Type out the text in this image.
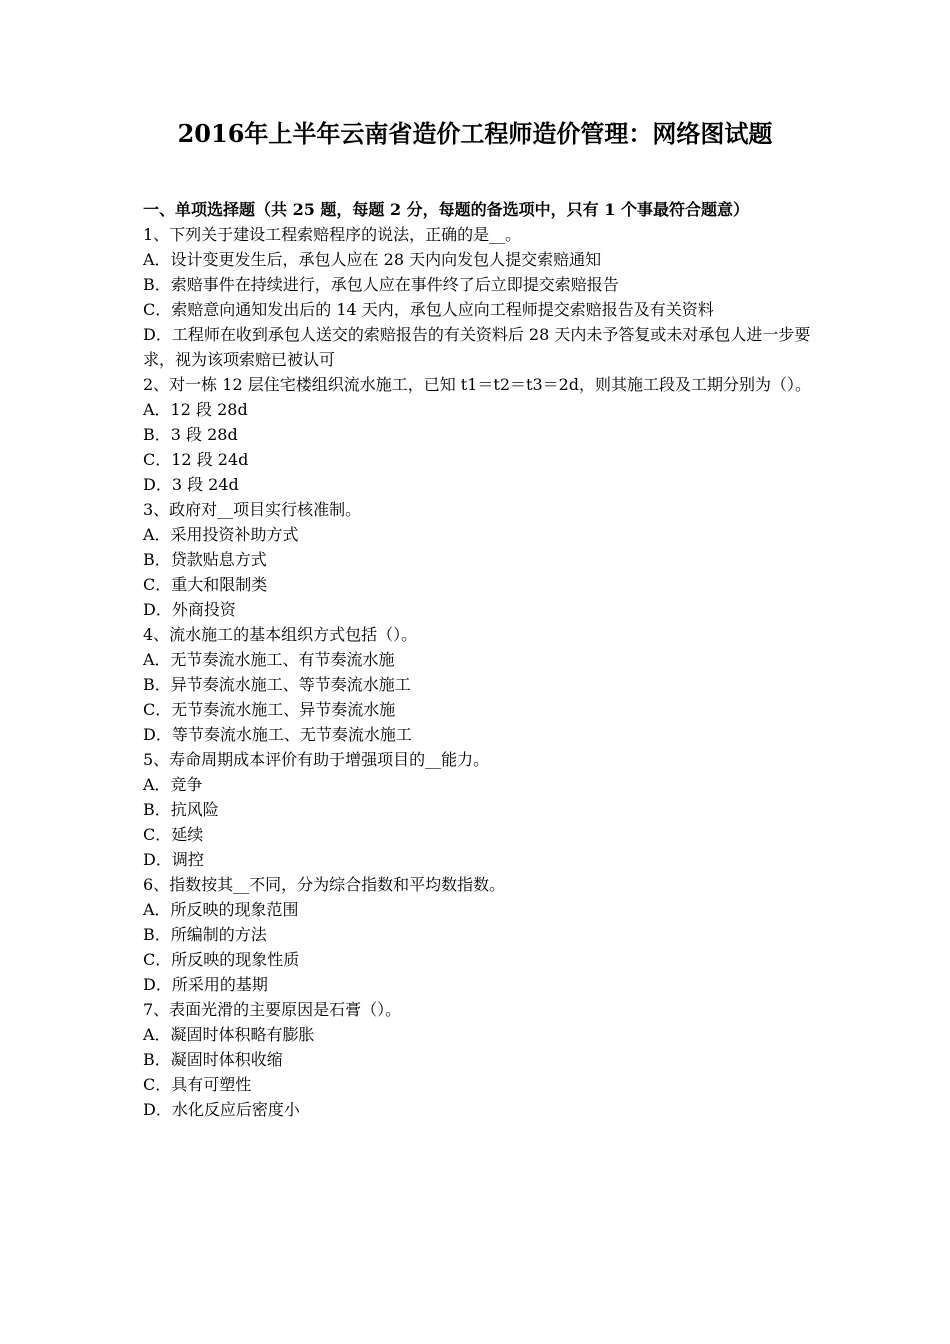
2016年上半年云南省造价工程师造价管理：网络图试题

一、单项选择题（共 25 题，每题 2 分，每题的备选项中，只有 1 个事最符合题意）

1、下列关于建设工程索赔程序的说法，正确的是__。

A．设计变更发生后，承包人应在 28 天内向发包人提交索赔通知

B．索赔事件在持续进行，承包人应在事件终了后立即提交索赔报告

C．索赔意向通知发出后的 14 天内，承包人应向工程师提交索赔报告及有关资料

D．工程师在收到承包人送交的索赔报告的有关资料后 28 天内未予答复或未对承包人进一步要求，视为该项索赔已被认可

2、对一栋 12 层住宅楼组织流水施工，已知 t1＝t2＝t3＝2d，则其施工段及工期分别为（）。

A．12 段 28d

B．3 段 28d

C．12 段 24d

D．3 段 24d

3、政府对__项目实行核准制。

A．采用投资补助方式

B．贷款贴息方式

C．重大和限制类

D．外商投资

4、流水施工的基本组织方式包括（）。

A．无节奏流水施工、有节奏流水施

B．异节奏流水施工、等节奏流水施工

C．无节奏流水施工、异节奏流水施

D．等节奏流水施工、无节奏流水施工

5、寿命周期成本评价有助于增强项目的__能力。

A．竞争

B．抗风险

C．延续

D．调控

6、指数按其__不同，分为综合指数和平均数指数。

A．所反映的现象范围

B．所编制的方法

C．所反映的现象性质

D．所采用的基期

7、表面光滑的主要原因是石膏（）。

A．凝固时体积略有膨胀

B．凝固时体积收缩

C．具有可塑性

D．水化反应后密度小
